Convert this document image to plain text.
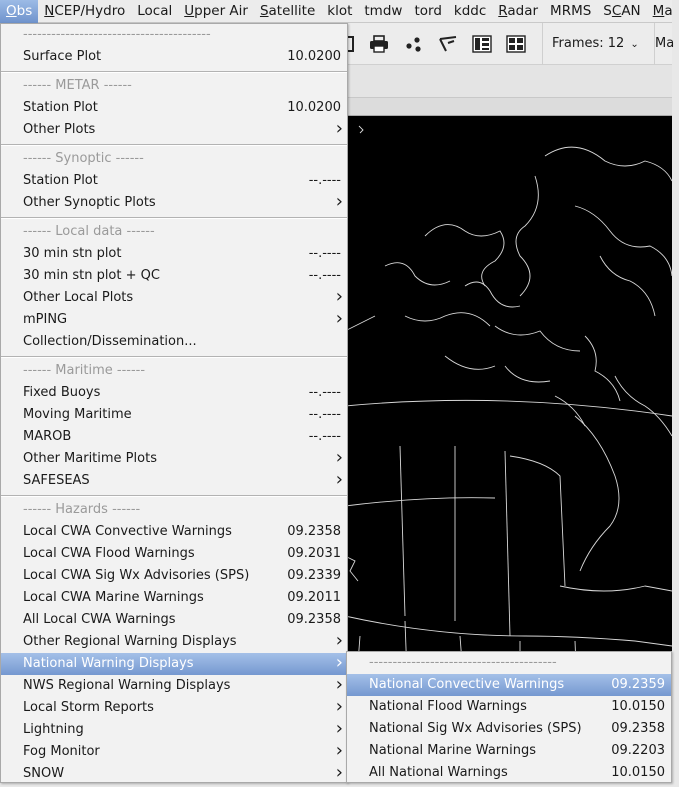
Obs NCEP/Hydro Local Upper Air Satellite klot tmdw tord kddc Radar MRMS SCAN Ma
Frames: 12 ⌄ Ma
----------------------------------------
Surface Plot	10.0200
------ METAR ------
Station Plot	10.0200
Other Plots	›
------ Synoptic ------
Station Plot	--.----
Other Synoptic Plots	›
------ Local data ------
30 min stn plot	--.----
30 min stn plot + QC	--.----
Other Local Plots	›
mPING	›
Collection/Dissemination...
------ Maritime ------
Fixed Buoys	--.----
Moving Maritime	--.----
MAROB	--.----
Other Maritime Plots	›
SAFESEAS	›
------ Hazards ------
Local CWA Convective Warnings	09.2358
Local CWA Flood Warnings	09.2031
Local CWA Sig Wx Advisories (SPS)	09.2339
Local CWA Marine Warnings	09.2011
All Local CWA Warnings	09.2358
Other Regional Warning Displays	›
National Warning Displays	›
NWS Regional Warning Displays	›
Local Storm Reports	›
Lightning	›
Fog Monitor	›
SNOW	›
----------------------------------------
National Convective Warnings	09.2359
National Flood Warnings	10.0150
National Sig Wx Advisories (SPS) 09.2358
National Marine Warnings	09.2203
All National Warnings	10.0150
